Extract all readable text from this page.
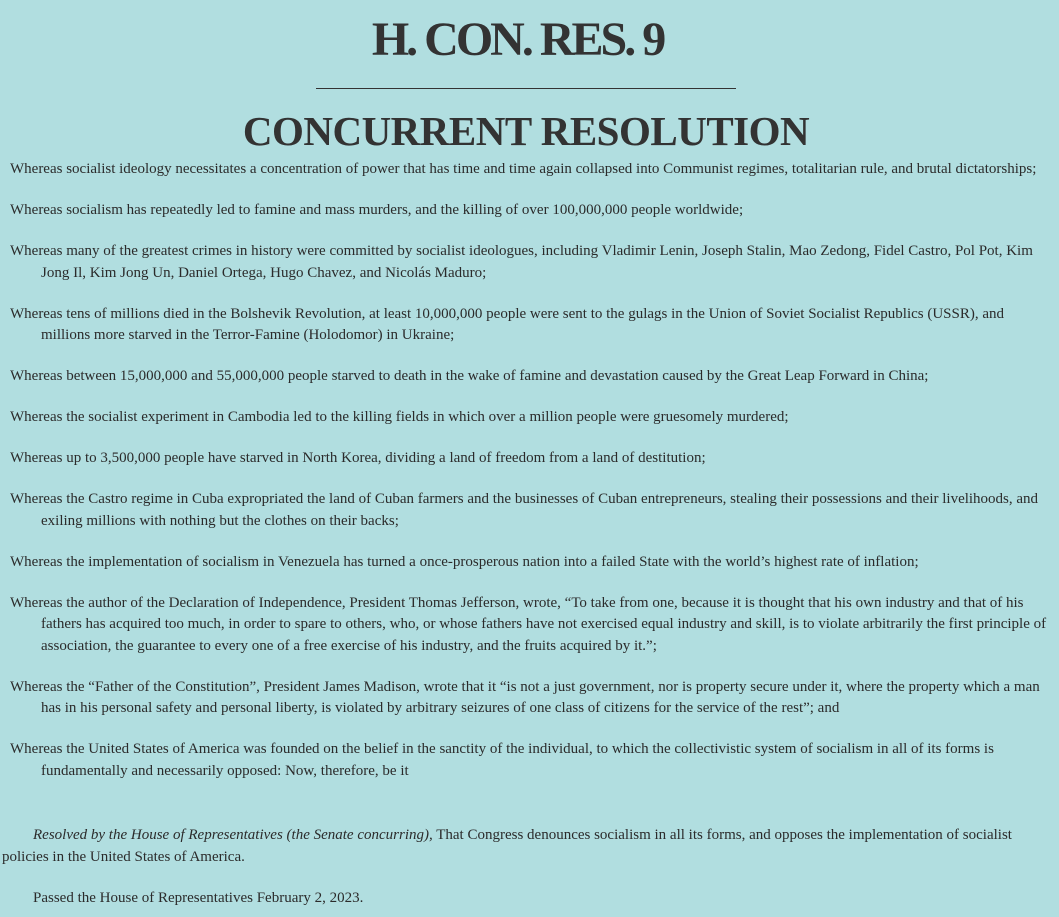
H. CON. RES. 9
CONCURRENT RESOLUTION

Whereas socialist ideology necessitates a concentration of power that has time and time again collapsed into Communist regimes, totalitarian rule, and brutal dictatorships;

Whereas socialism has repeatedly led to famine and mass murders, and the killing of over 100,000,000 people worldwide;

Whereas many of the greatest crimes in history were committed by socialist ideologues, including Vladimir Lenin, Joseph Stalin, Mao Zedong, Fidel Castro, Pol Pot, Kim Jong Il, Kim Jong Un, Daniel Ortega, Hugo Chavez, and Nicolás Maduro;

Whereas tens of millions died in the Bolshevik Revolution, at least 10,000,000 people were sent to the gulags in the Union of Soviet Socialist Republics (USSR), and millions more starved in the Terror-Famine (Holodomor) in Ukraine;

Whereas between 15,000,000 and 55,000,000 people starved to death in the wake of famine and devastation caused by the Great Leap Forward in China;

Whereas the socialist experiment in Cambodia led to the killing fields in which over a million people were gruesomely murdered;

Whereas up to 3,500,000 people have starved in North Korea, dividing a land of freedom from a land of destitution;

Whereas the Castro regime in Cuba expropriated the land of Cuban farmers and the businesses of Cuban entrepreneurs, stealing their possessions and their livelihoods, and exiling millions with nothing but the clothes on their backs;

Whereas the implementation of socialism in Venezuela has turned a once-prosperous nation into a failed State with the world’s highest rate of inflation;

Whereas the author of the Declaration of Independence, President Thomas Jefferson, wrote, “To take from one, because it is thought that his own industry and that of his fathers has acquired too much, in order to spare to others, who, or whose fathers have not exercised equal industry and skill, is to violate arbitrarily the first principle of association, the guarantee to every one of a free exercise of his industry, and the fruits acquired by it.”;

Whereas the “Father of the Constitution”, President James Madison, wrote that it “is not a just government, nor is property secure under it, where the property which a man has in his personal safety and personal liberty, is violated by arbitrary seizures of one class of citizens for the service of the rest”; and

Whereas the United States of America was founded on the belief in the sanctity of the individual, to which the collectivistic system of socialism in all of its forms is fundamentally and necessarily opposed: Now, therefore, be it

Resolved by the House of Representatives (the Senate concurring), That Congress denounces socialism in all its forms, and opposes the implementation of socialist policies in the United States of America.

Passed the House of Representatives February 2, 2023.
